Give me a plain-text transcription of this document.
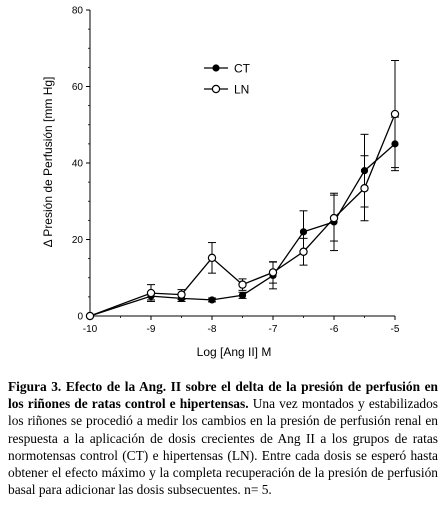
0
20
40
60
80
-10	-9	-8	-7	-6	-5
Δ Presión de Perfusión [mm Hg]
Log [Ang II] M
CT
LN

Figura 3. Efecto de la Ang. II sobre el delta de la presión de perfusión en los riñones de ratas control e hipertensas. Una vez montados y estabilizados los riñones se procedió a medir los cambios en la presión de perfusión renal en respuesta a la aplicación de dosis crecientes de Ang II a los grupos de ratas normotensas control (CT) e hipertensas (LN). Entre cada dosis se esperó hasta obtener el efecto máximo y la completa recuperación de la presión de perfusión basal para adicionar las dosis subsecuentes. n= 5.
